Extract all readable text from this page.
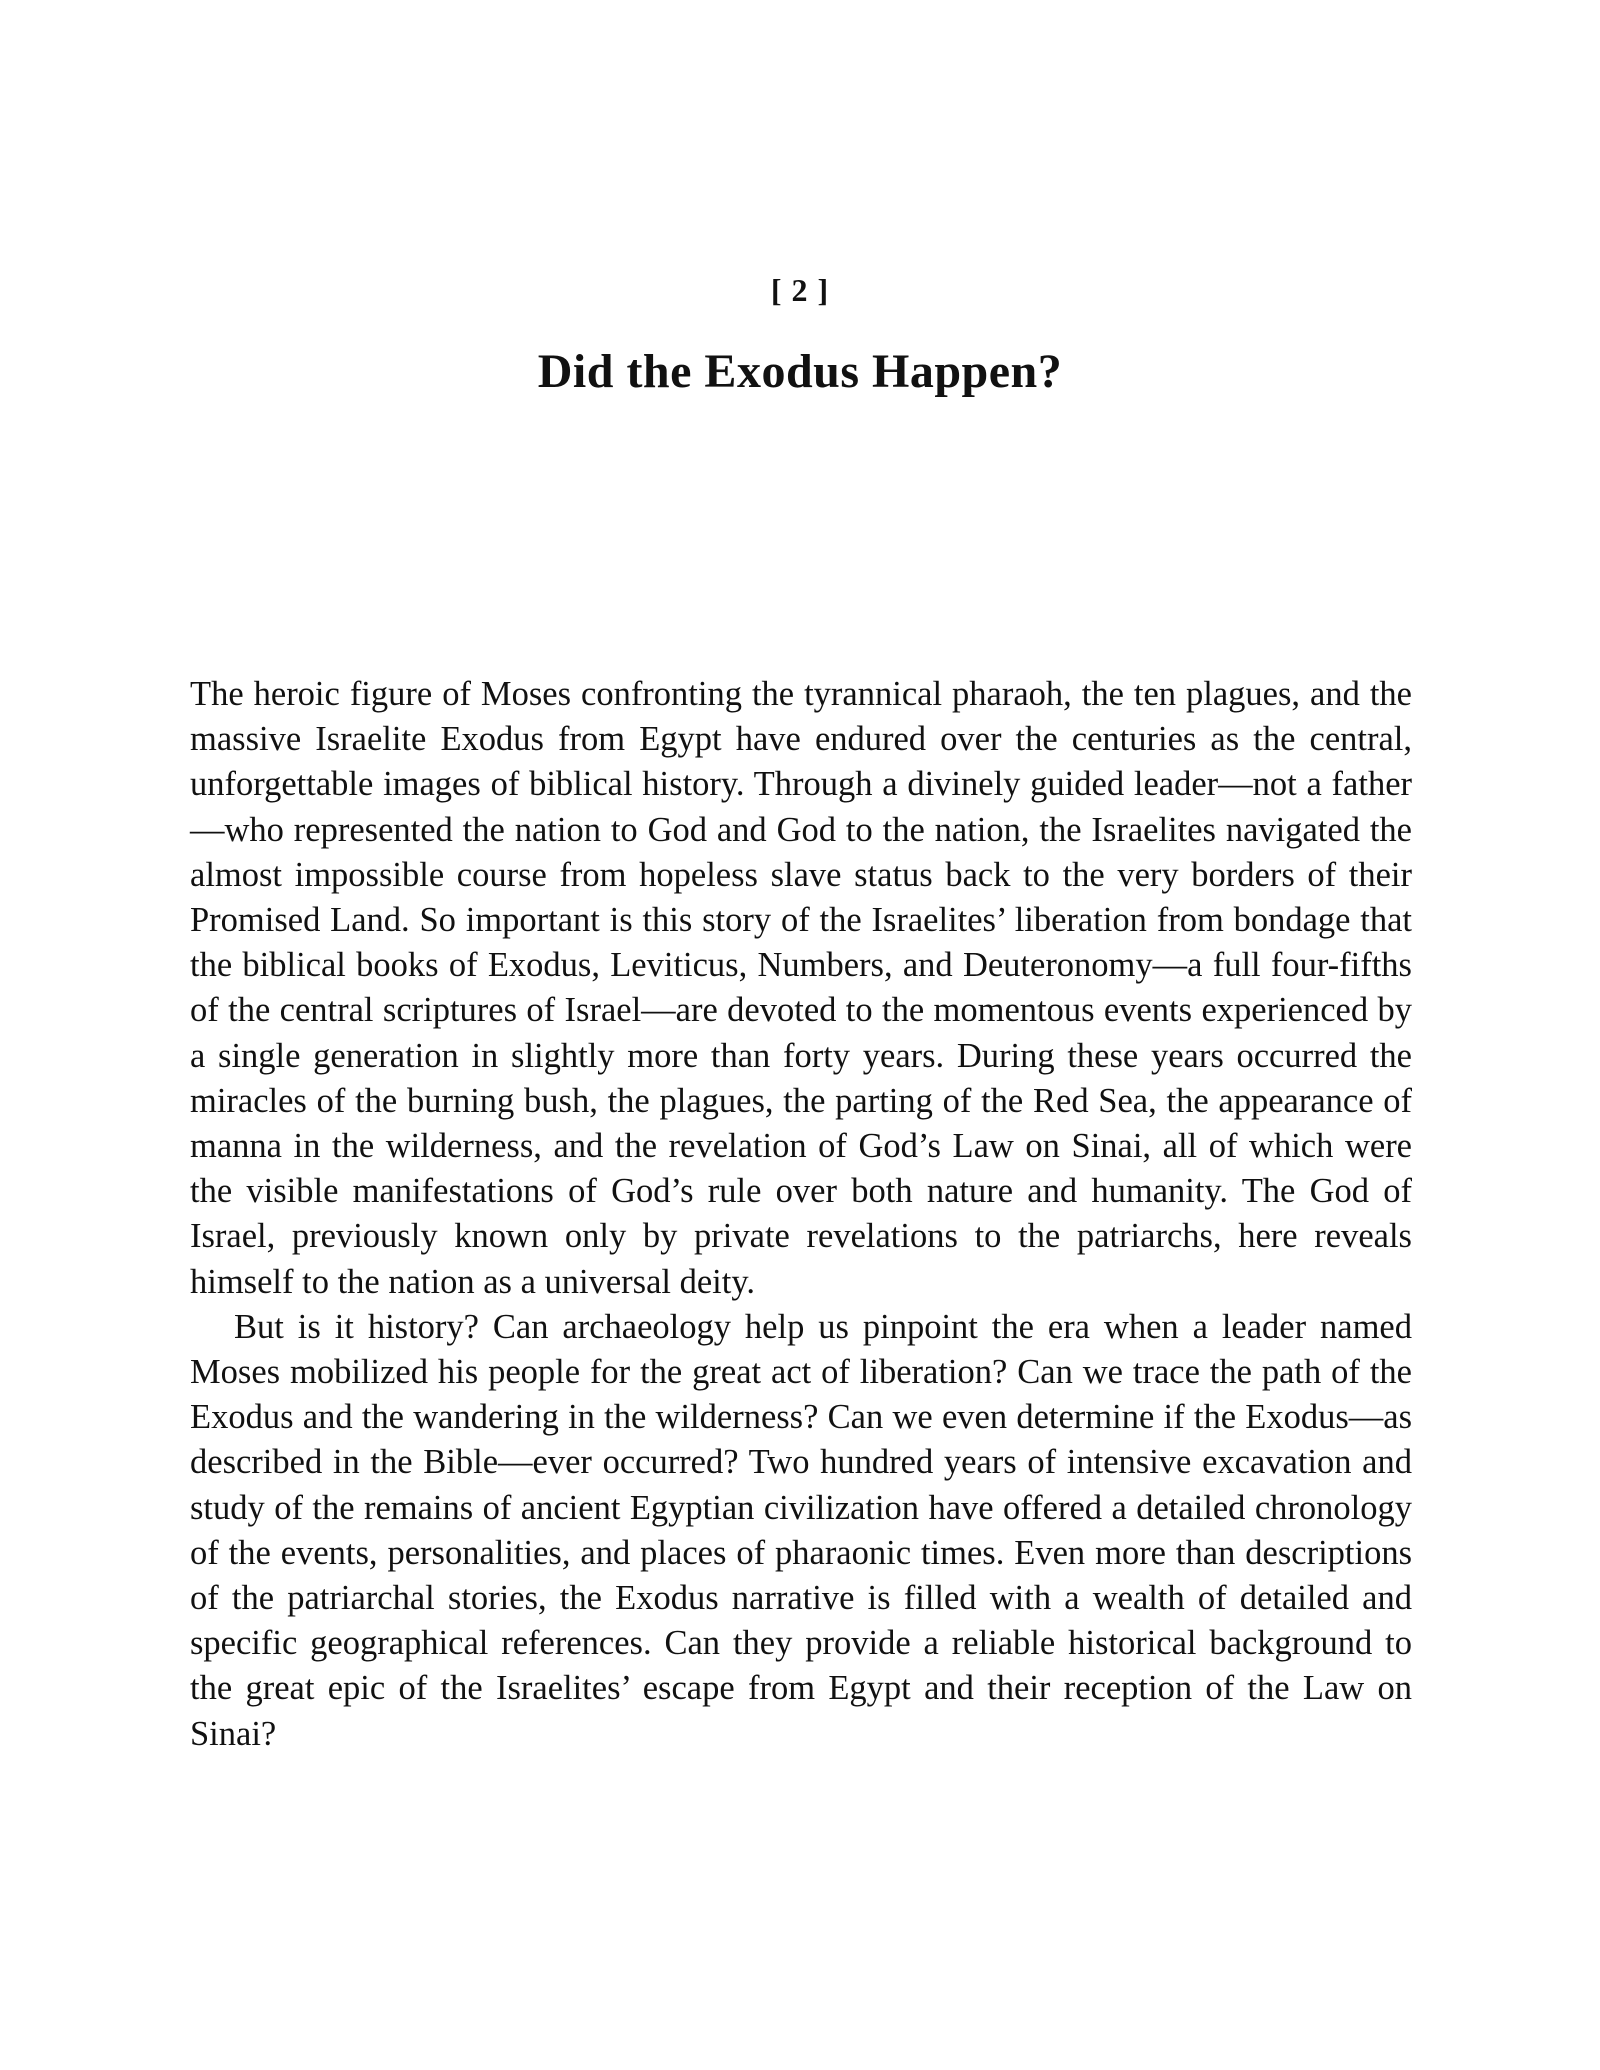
[ 2 ]
Did the Exodus Happen?

The heroic figure of Moses confronting the tyrannical pharaoh, the ten plagues, and the massive Israelite Exodus from Egypt have endured over the centuries as the central, unforgettable images of biblical history. Through a divinely guided leader—not a father—who represented the nation to God and God to the nation, the Israelites navigated the almost impossible course from hopeless slave status back to the very borders of their Promised Land. So important is this story of the Israelites’ liberation from bondage that the biblical books of Exodus, Leviticus, Numbers, and Deuteronomy—a full four-fifths of the central scriptures of Israel—are devoted to the momentous events experienced by a single generation in slightly more than forty years. During these years occurred the miracles of the burning bush, the plagues, the parting of the Red Sea, the appearance of manna in the wilderness, and the revelation of God’s Law on Sinai, all of which were the visible manifestations of God’s rule over both nature and humanity. The God of Israel, previously known only by private revelations to the patriarchs, here reveals himself to the nation as a universal deity.

But is it history? Can archaeology help us pinpoint the era when a leader named Moses mobilized his people for the great act of liberation? Can we trace the path of the Exodus and the wandering in the wilderness? Can we even determine if the Exodus—as described in the Bible—ever occurred? Two hundred years of intensive excavation and study of the remains of ancient Egyptian civilization have offered a detailed chronology of the events, personalities, and places of pharaonic times. Even more than descriptions of the patriarchal stories, the Exodus narrative is filled with a wealth of detailed and specific geographical references. Can they provide a reliable historical background to the great epic of the Israelites’ escape from Egypt and their reception of the Law on Sinai?
